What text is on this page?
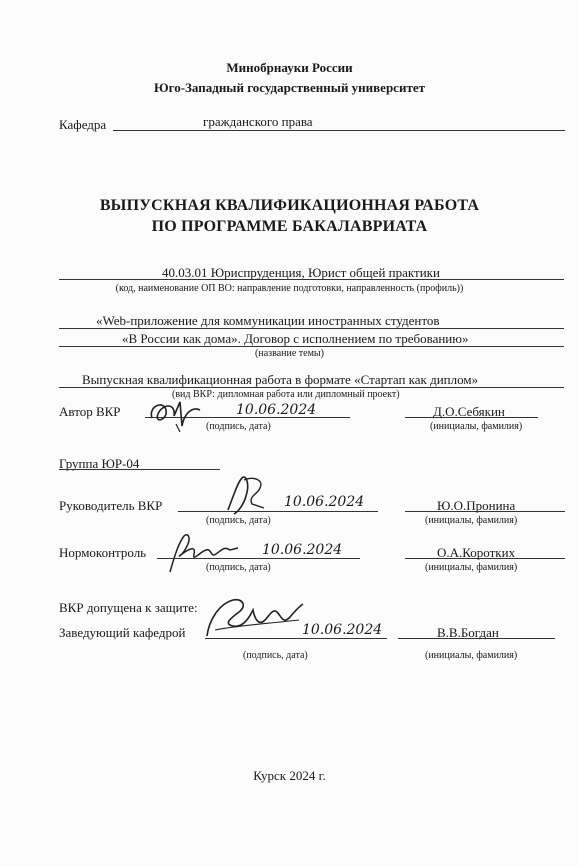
Минобрнауки России
Юго-Западный государственный университет
Кафедра	гражданского права
ВЫПУСКНАЯ КВАЛИФИКАЦИОННАЯ РАБОТА
ПО ПРОГРАММЕ БАКАЛАВРИАТА
40.03.01 Юриспруденция, Юрист общей практики
(код, наименование ОП ВО: направление подготовки, направленность (профиль))
«Web-приложение для коммуникации иностранных студентов
«В России как дома». Договор с исполнением по требованию»
(название темы)
Выпускная квалификационная работа в формате «Стартап как диплом»
(вид ВКР: дипломная работа или дипломный проект)
Автор ВКР	10.06.2024
(подпись, дата)
Д.О.Себякин
(инициалы, фамилия)
Группа ЮР-04
Руководитель ВКР	10.06.2024
(подпись, дата)
Ю.О.Пронина
(инициалы, фамилия)
Нормоконтроль	10.06.2024
(подпись, дата)
О.А.Коротких
(инициалы, фамилия)
ВКР допущена к защите:
Заведующий кафедрой	10.06.2024
(подпись, дата)
В.В.Богдан
(инициалы, фамилия)
Курск 2024 г.
